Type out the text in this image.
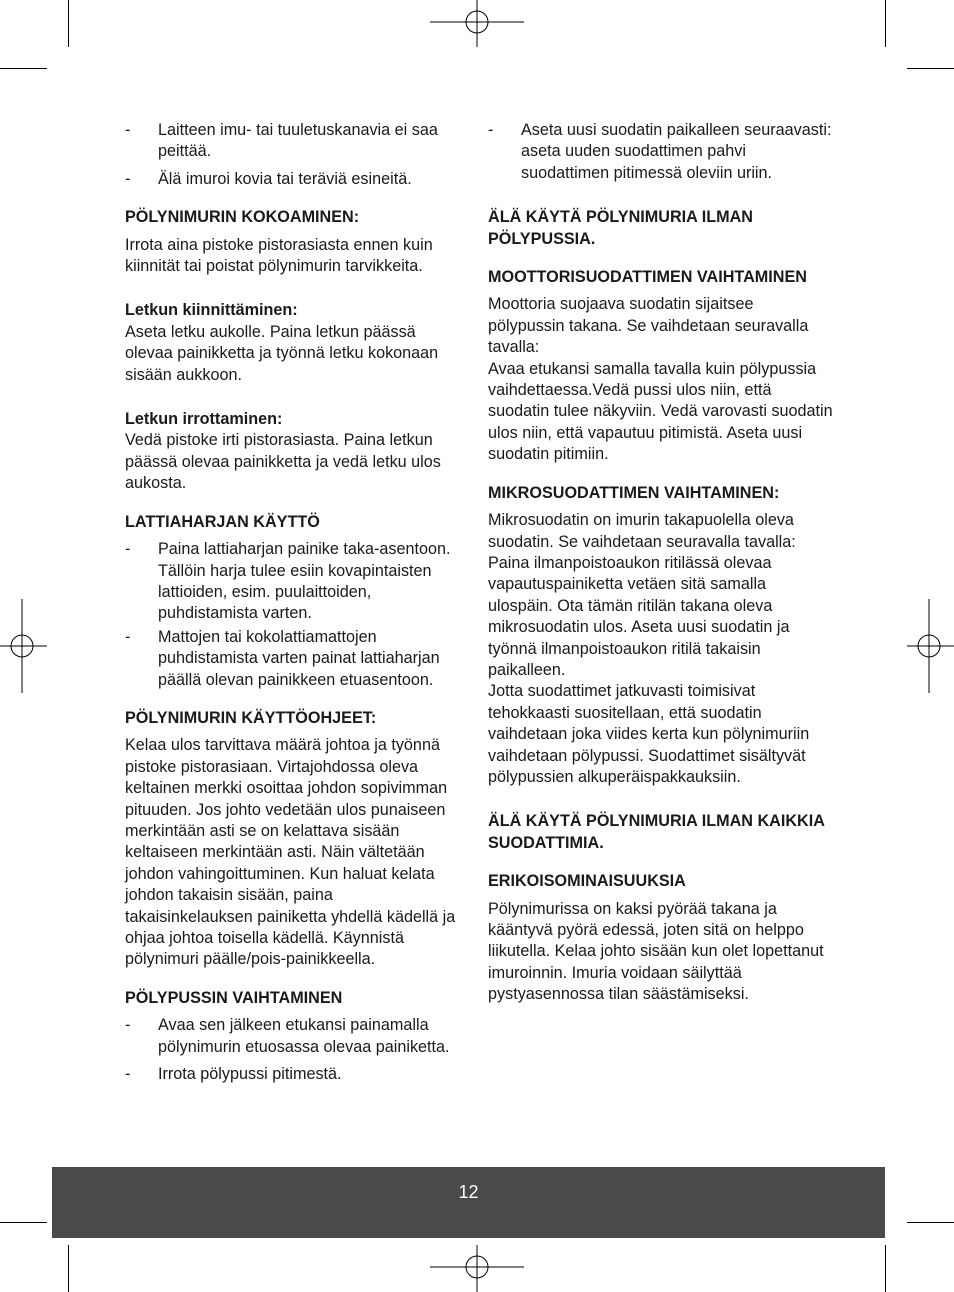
- Laitteen imu- tai tuuletuskanavia ei saa peittää.
- Älä imuroi kovia tai teräviä esineitä.

PÖLYNIMURIN KOKOAMINEN:

Irrota aina pistoke pistorasiasta ennen kuin kiinnität tai poistat pölynimurin tarvikkeita.

Letkun kiinnittäminen:

Aseta letku aukolle. Paina letkun päässä olevaa painikketta ja työnnä letku kokonaan sisään aukkoon.

Letkun irrottaminen:

Vedä pistoke irti pistorasiasta. Paina letkun päässä olevaa painikketta ja vedä letku ulos aukosta.

LATTIAHARJAN KÄYTTÖ

- Paina lattiaharjan painike taka-asentoon. Tällöin harja tulee esiin kovapintaisten lattioiden, esim. puulaittoiden, puhdistamista varten.
- Mattojen tai kokolattiamattojen puhdistamista varten painat lattiaharjan päällä olevan painikkeen etuasentoon.

PÖLYNIMURIN KÄYTTÖOHJEET:

Kelaa ulos tarvittava määrä johtoa ja työnnä pistoke pistorasiaan. Virtajohdossa oleva keltainen merkki osoittaa johdon sopivimman pituuden. Jos johto vedetään ulos punaiseen merkintään asti se on kelattava sisään keltaiseen merkintään asti. Näin vältetään johdon vahingoittuminen. Kun haluat kelata johdon takaisin sisään, paina takaisinkelauksen painiketta yhdellä kädellä ja ohjaa johtoa toisella kädellä. Käynnistä pölynimuri päälle/pois-painikkeella.

PÖLYPUSSIN VAIHTAMINEN

- Avaa sen jälkeen etukansi painamalla pölynimurin etuosassa olevaa painiketta.
- Irrota pölypussi pitimestä.
- Aseta uusi suodatin paikalleen seuraavasti: aseta uuden suodattimen pahvi suodattimen pitimessä oleviin uriin.

ÄLÄ KÄYTÄ PÖLYNIMURIA ILMAN PÖLYPUSSIA.

MOOTTORISUODATTIMEN VAIHTAMINEN

Moottoria suojaava suodatin sijaitsee pölypussin takana. Se vaihdetaan seuravalla tavalla:
Avaa etukansi samalla tavalla kuin pölypussia vaihdettaessa.Vedä pussi ulos niin, että suodatin tulee näkyviin. Vedä varovasti suodatin ulos niin, että vapautuu pitimistä. Aseta uusi suodatin pitimiin.

MIKROSUODATTIMEN VAIHTAMINEN:

Mikrosuodatin on imurin takapuolella oleva suodatin. Se vaihdetaan seuravalla tavalla: Paina ilmanpoistoaukon ritilässä olevaa vapautuspainiketta vetäen sitä samalla ulospäin. Ota tämän ritilän takana oleva mikrosuodatin ulos. Aseta uusi suodatin ja työnnä ilmanpoistoaukon ritilä takaisin paikalleen.
Jotta suodattimet jatkuvasti toimisivat tehokkaasti suositellaan, että suodatin vaihdetaan joka viides kerta kun pölynimuriin vaihdetaan pölypussi. Suodattimet sisältyvät pölypussien alkuperäispakkauksiin.

ÄLÄ KÄYTÄ PÖLYNIMURIA ILMAN KAIKKIA SUODATTIMIA.

ERIKOISOMINAISUUKSIA

Pölynimurissa on kaksi pyörää takana ja kääntyvä pyörä edessä, joten sitä on helppo liikutella. Kelaa johto sisään kun olet lopettanut imuroinnin. Imuria voidaan säilyttää pystyasennossa tilan säästämiseksi.

12
